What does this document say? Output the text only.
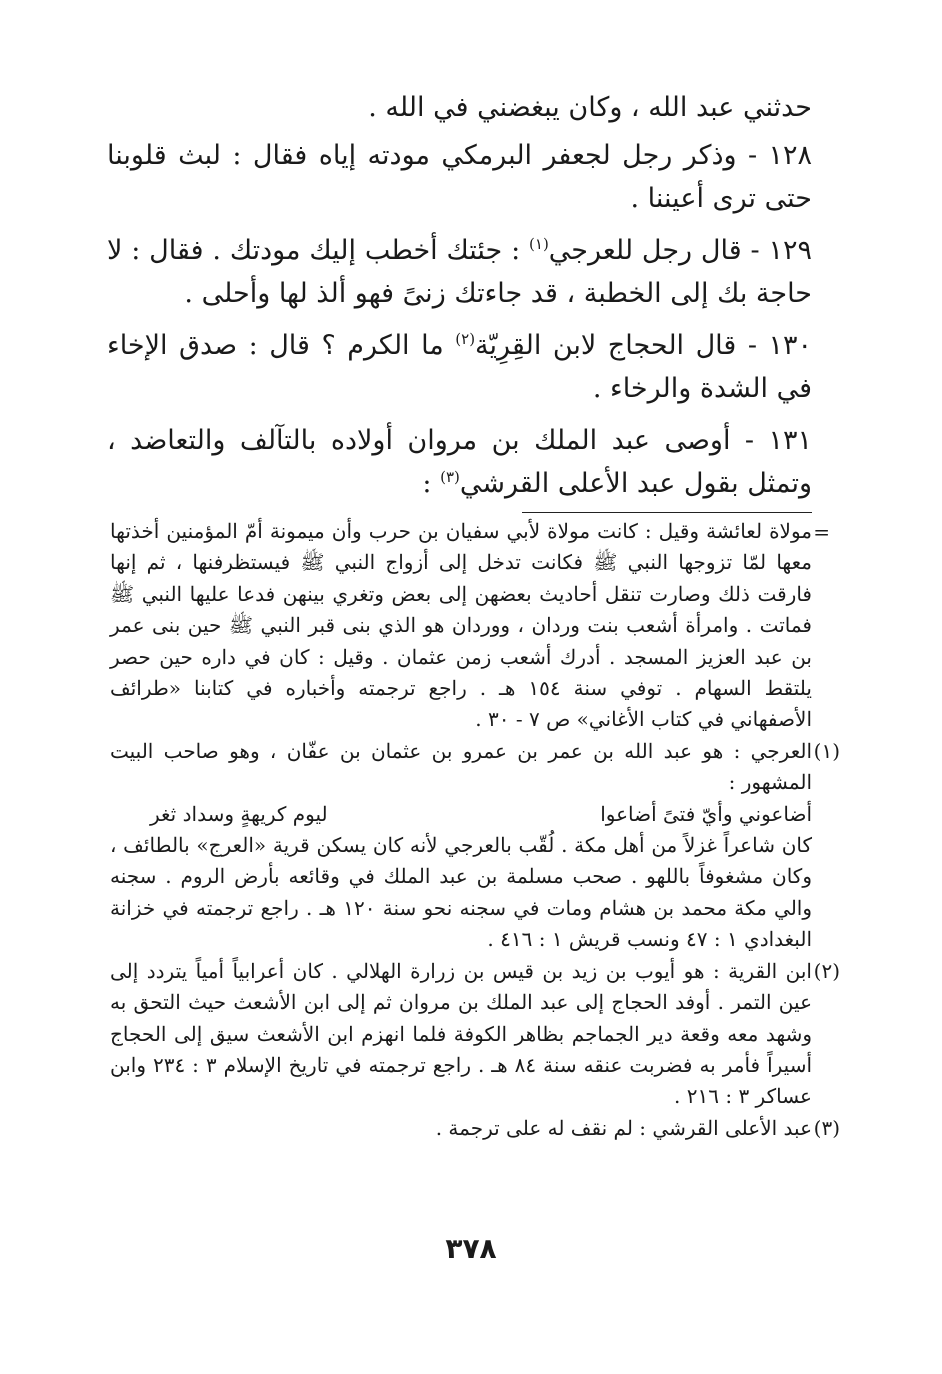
حدثني عبد الله ، وكان يبغضني في الله .

١٢٨ - وذكر رجل لجعفر البرمكي مودته إياه فقال : لبث قلوبنا حتى ترى أعيننا .

١٢٩ - قال رجل للعرجي$^{(١)}$ : جئتك أخطب إليك مودتك . فقال : لا حاجة بك إلى الخطبة ، قد جاءتك زنىً فهو ألذ لها وأحلى .

١٣٠ - قال الحجاج لابن القِرِيّة$^{(٢)}$ ما الكرم ؟ قال : صدق الإخاء في الشدة والرخاء .

١٣١ - أوصى عبد الملك بن مروان أولاده بالتآلف والتعاضد ، وتمثل بقول عبد الأعلى القرشي$^{(٣)}$ :

=

مولاة لعائشة وقيل : كانت مولاة لأبي سفيان بن حرب وأن ميمونة أمّ المؤمنين أخذتها معها لمّا تزوجها النبي ﷺ فكانت تدخل إلى أزواج النبي ﷺ فيستظرفنها ، ثم إنها فارقت ذلك وصارت تنقل أحاديث بعضهن إلى بعض وتغري بينهن فدعا عليها النبي ﷺ فماتت . وامرأة أشعب بنت وردان ، ووردان هو الذي بنى قبر النبي ﷺ حين بنى عمر بن عبد العزيز المسجد . أدرك أشعب زمن عثمان . وقيل : كان في داره حين حصر يلتقط السهام . توفي سنة ١٥٤ هـ . راجع ترجمته وأخباره في كتابنا «طرائف الأصفهاني في كتاب الأغاني» ص ٧ - ٣٠ .

(١)

العرجي : هو عبد الله بن عمر بن عمرو بن عثمان بن عفّان ، وهو صاحب البيت المشهور :

أضاعوني وأيّ فتىً أضاعوا
ليوم كريهةٍ وسداد ثغر

كان شاعراً غزلاً من أهل مكة . لُقّب بالعرجي لأنه كان يسكن قرية «العرج» بالطائف ، وكان مشغوفاً باللهو . صحب مسلمة بن عبد الملك في وقائعه بأرض الروم . سجنه والي مكة محمد بن هشام ومات في سجنه نحو سنة ١٢٠ هـ . راجع ترجمته في خزانة البغدادي ١ : ٤٧ ونسب قريش ١ : ٤١٦ .

(٢)

ابن القرية : هو أيوب بن زيد بن قيس بن زرارة الهلالي . كان أعرابياً أمياً يتردد إلى عين التمر . أوفد الحجاج إلى عبد الملك بن مروان ثم إلى ابن الأشعث حيث التحق به وشهد معه وقعة دير الجماجم بظاهر الكوفة فلما انهزم ابن الأشعث سيق إلى الحجاج أسيراً فأمر به فضربت عنقه سنة ٨٤ هـ . راجع ترجمته في تاريخ الإسلام ٣ : ٢٣٤ وابن عساكر ٣ : ٢١٦ .

(٣)

عبد الأعلى القرشي : لم نقف له على ترجمة .

٣٧٨
